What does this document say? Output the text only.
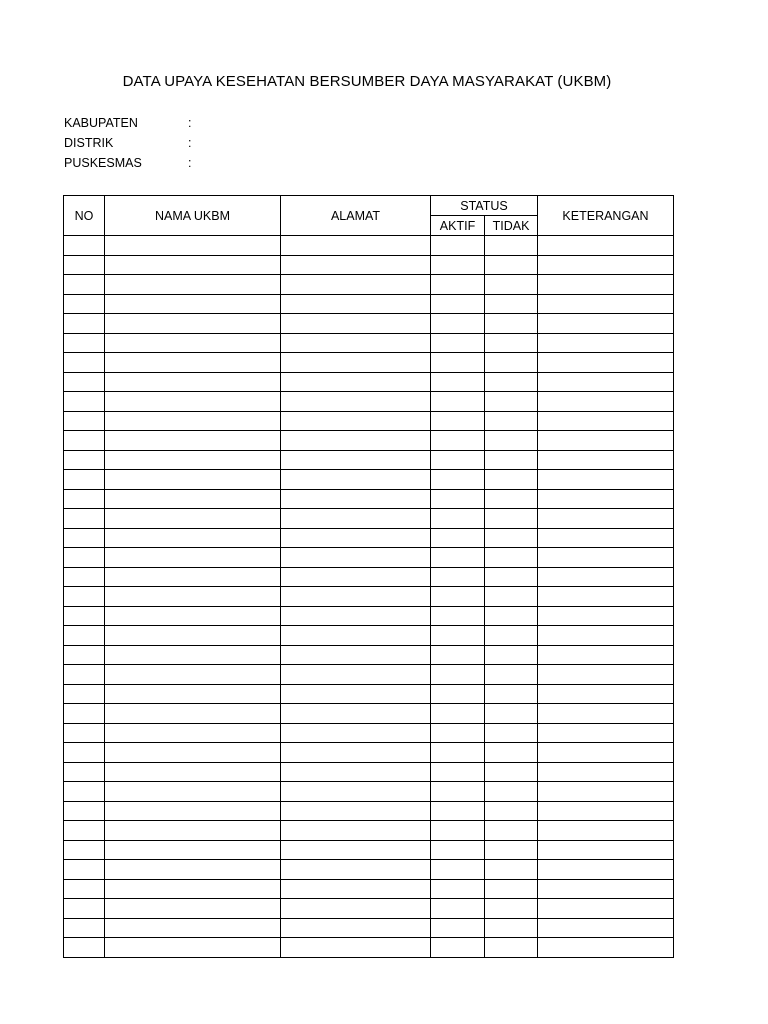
DATA UPAYA KESEHATAN BERSUMBER DAYA MASYARAKAT (UKBM)
KABUPATEN	:
DISTRIK	:
PUSKESMAS	:
NO	NAMA UKBM	ALAMAT	STATUS		KETERANGAN
			AKTIF	TIDAK	
